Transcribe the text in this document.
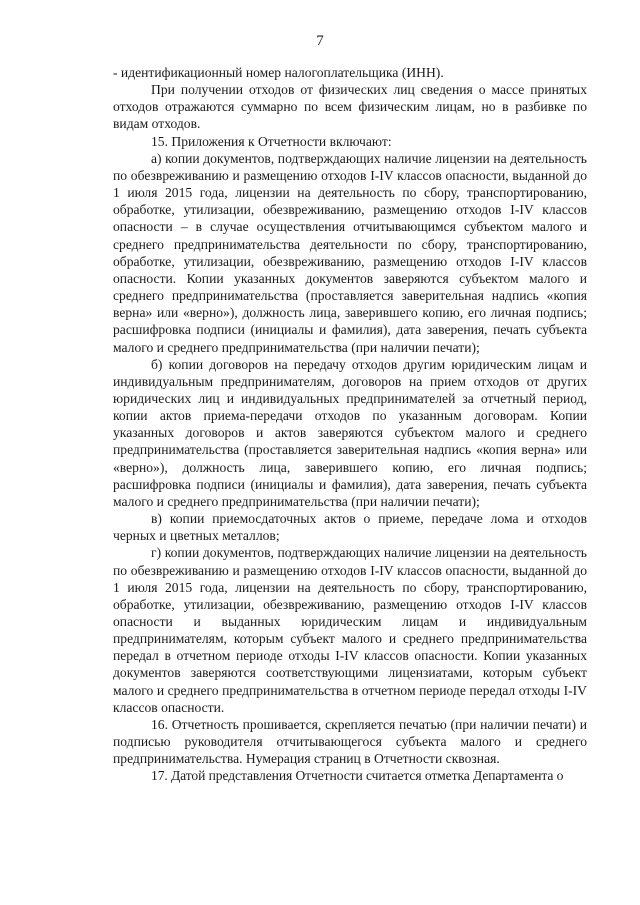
7

- идентификационный номер налогоплательщика (ИНН).

При получении отходов от физических лиц сведения о массе принятых отходов отражаются суммарно по всем физическим лицам, но в разбивке по видам отходов.

15. Приложения к Отчетности включают:

а) копии документов, подтверждающих наличие лицензии на деятельность по обезвреживанию и размещению отходов I-IV классов опасности, выданной до 1 июля 2015 года, лицензии на деятельность по сбору, транспортированию, обработке, утилизации, обезвреживанию, размещению отходов I-IV классов опасности – в случае осуществления отчитывающимся субъектом малого и среднего предпринимательства деятельности по сбору, транспортированию, обработке, утилизации, обезвреживанию, размещению отходов I-IV классов опасности. Копии указанных документов заверяются субъектом малого и среднего предпринимательства (проставляется заверительная надпись «копия верна» или «верно»), должность лица, заверившего копию, его личная подпись; расшифровка подписи (инициалы и фамилия), дата заверения, печать субъекта малого и среднего предпринимательства (при наличии печати);

б) копии договоров на передачу отходов другим юридическим лицам и индивидуальным предпринимателям, договоров на прием отходов от других юридических лиц и индивидуальных предпринимателей за отчетный период, копии актов приема-передачи отходов по указанным договорам. Копии указанных договоров и актов заверяются субъектом малого и среднего предпринимательства (проставляется заверительная надпись «копия верна» или «верно»), должность лица, заверившего копию, его личная подпись; расшифровка подписи (инициалы и фамилия), дата заверения, печать субъекта малого и среднего предпринимательства (при наличии печати);

в) копии приемосдаточных актов о приеме, передаче лома и отходов черных и цветных металлов;

г) копии документов, подтверждающих наличие лицензии на деятельность по обезвреживанию и размещению отходов I-IV классов опасности, выданной до 1 июля 2015 года, лицензии на деятельность по сбору, транспортированию, обработке, утилизации, обезвреживанию, размещению отходов I-IV классов опасности и выданных юридическим лицам и индивидуальным предпринимателям, которым субъект малого и среднего предпринимательства передал в отчетном периоде отходы I-IV классов опасности. Копии указанных документов заверяются соответствующими лицензиатами, которым субъект малого и среднего предпринимательства в отчетном периоде передал отходы I-IV классов опасности.

16. Отчетность прошивается, скрепляется печатью (при наличии печати) и подписью руководителя отчитывающегося субъекта малого и среднего предпринимательства. Нумерация страниц в Отчетности сквозная.

17. Датой представления Отчетности считается отметка Департамента о
